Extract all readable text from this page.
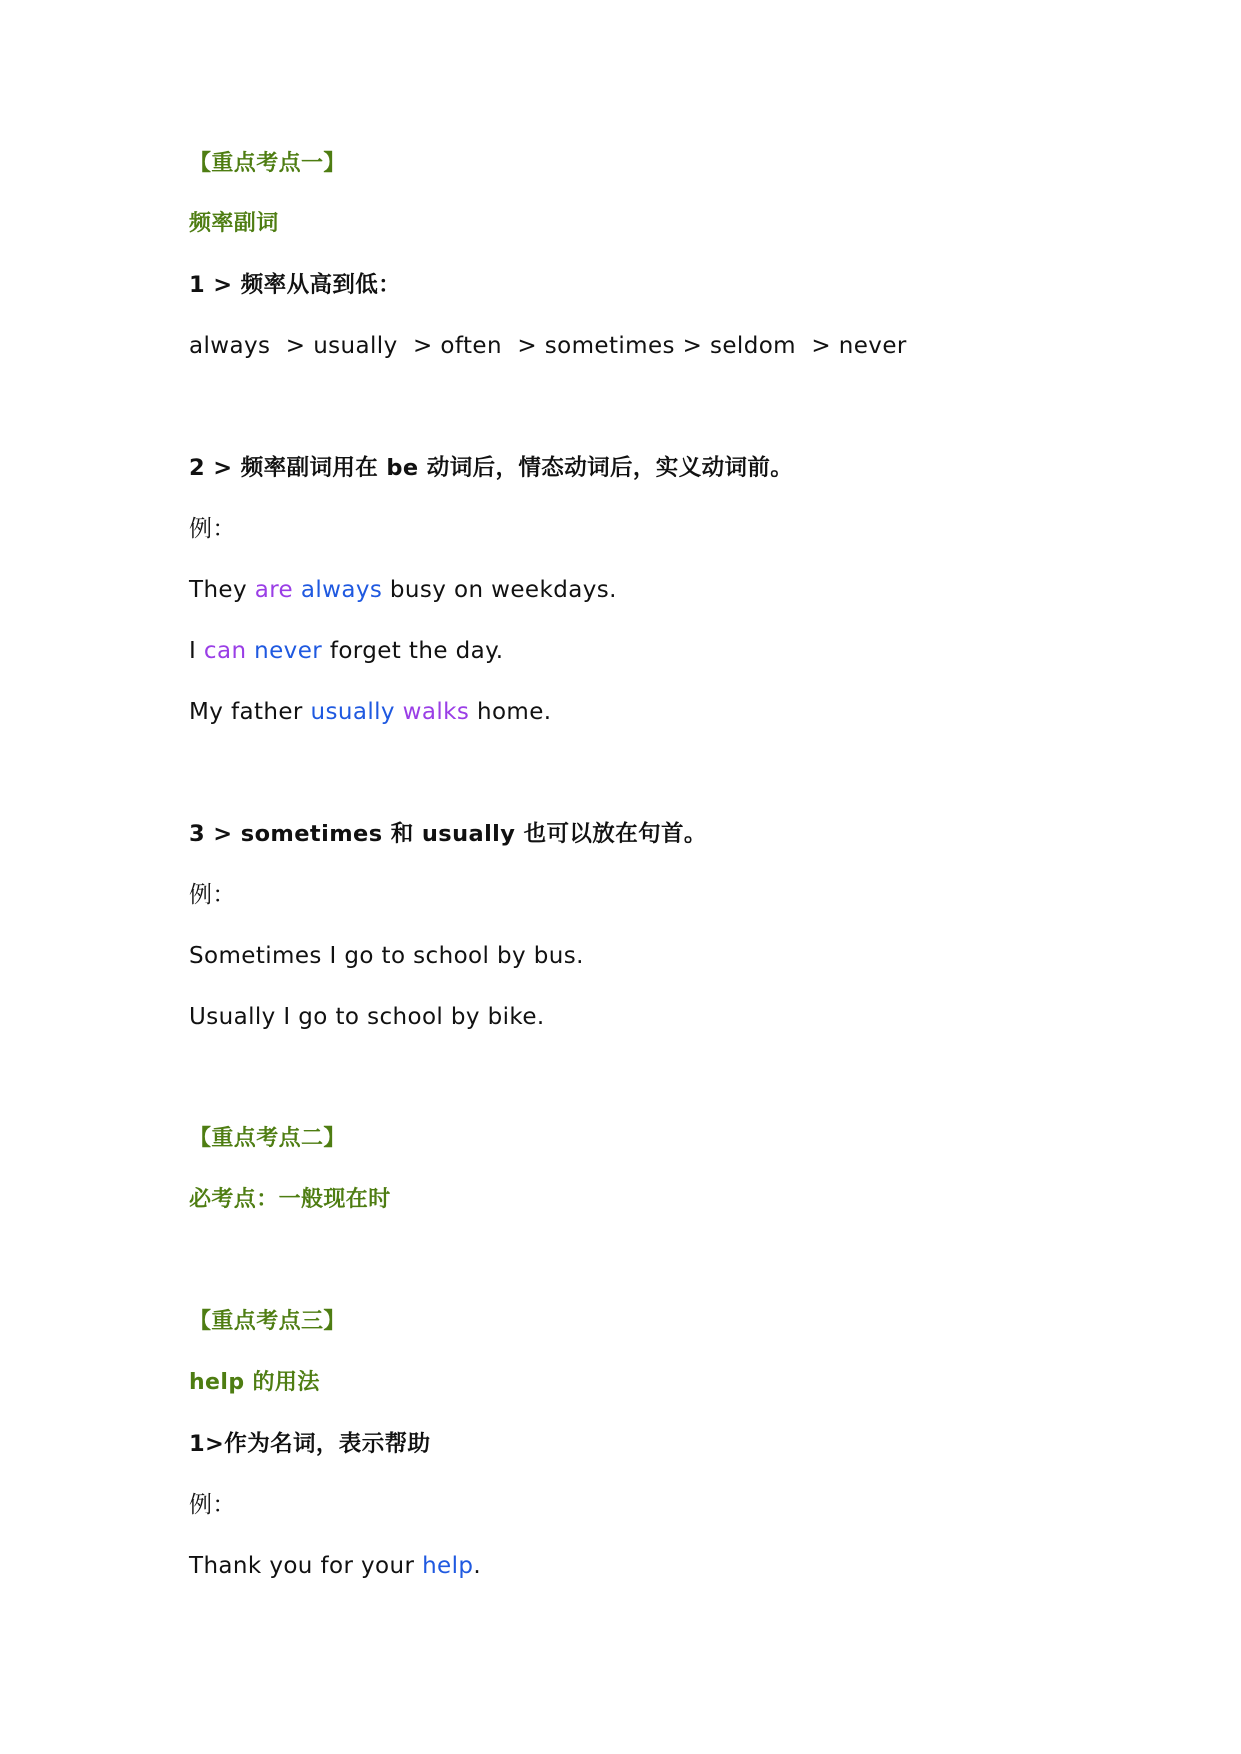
【重点考点一】
频率副词
1 > 频率从高到低：
always  > usually  > often  > sometimes > seldom  > never
2 > 频率副词用在 be 动词后，情态动词后，实义动词前。
例：
They are always busy on weekdays.
I can never forget the day.
My father usually walks home.
3 > sometimes 和 usually 也可以放在句首。
例：
Sometimes I go to school by bus.
Usually I go to school by bike.
【重点考点二】
必考点：一般现在时
【重点考点三】
help 的用法
1>作为名词，表示帮助
例：
Thank you for your help.
